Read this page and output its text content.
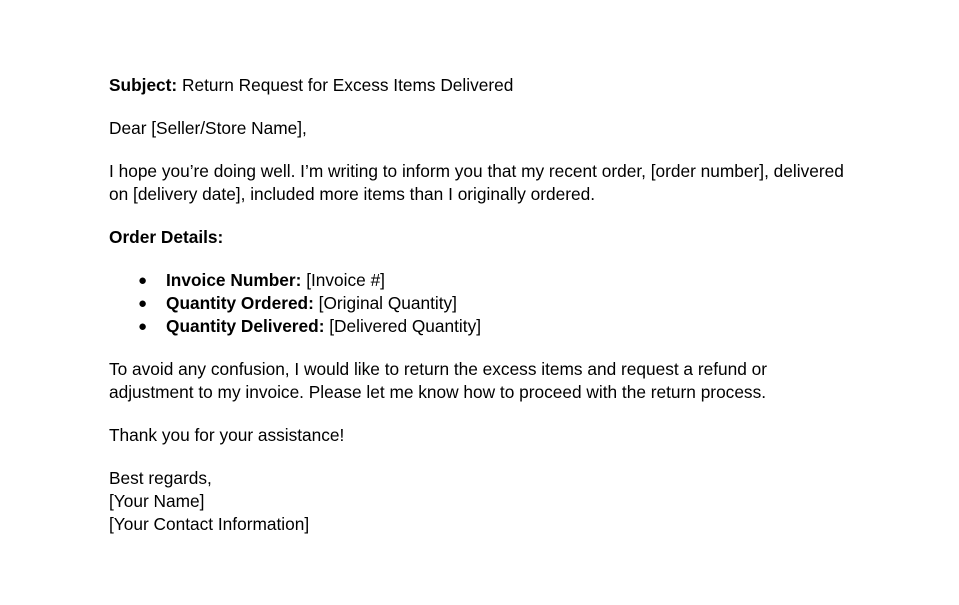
Subject: Return Request for Excess Items Delivered

Dear [Seller/Store Name],

I hope you’re doing well. I’m writing to inform you that my recent order, [order number], delivered
on [delivery date], included more items than I originally ordered.

Order Details:

● Invoice Number: [Invoice #]
● Quantity Ordered: [Original Quantity]
● Quantity Delivered: [Delivered Quantity]

To avoid any confusion, I would like to return the excess items and request a refund or
adjustment to my invoice. Please let me know how to proceed with the return process.

Thank you for your assistance!

Best regards,
[Your Name]
[Your Contact Information]
